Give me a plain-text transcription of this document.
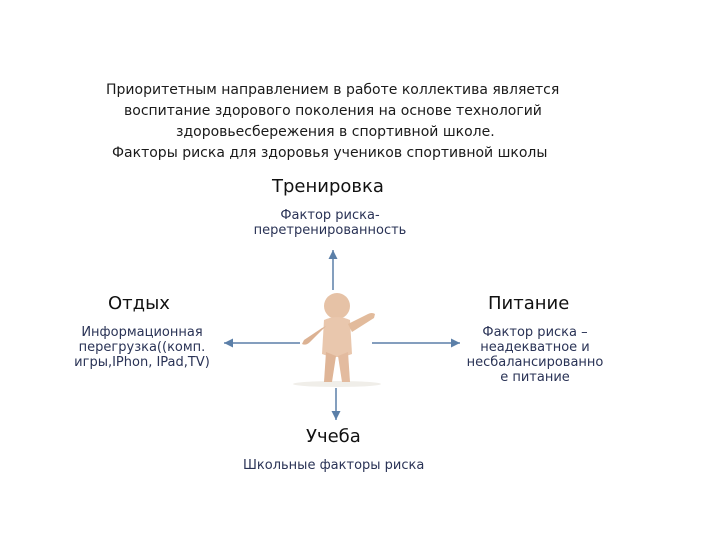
Приоритетным направлением в работе коллектива является
воспитание здорового поколения на основе технологий
здоровьесбережения в спортивной школе.
Факторы риска для здоровья учеников спортивной школы
Тренировка
Фактор риска-
перетренированность
Отдых
Информационная
перегрузка((комп.
игры,IPhon, IPad,TV)
Питание
Фактор риска –
неадекватное и
несбалансированно
е питание
Учеба
Школьные факторы риска
